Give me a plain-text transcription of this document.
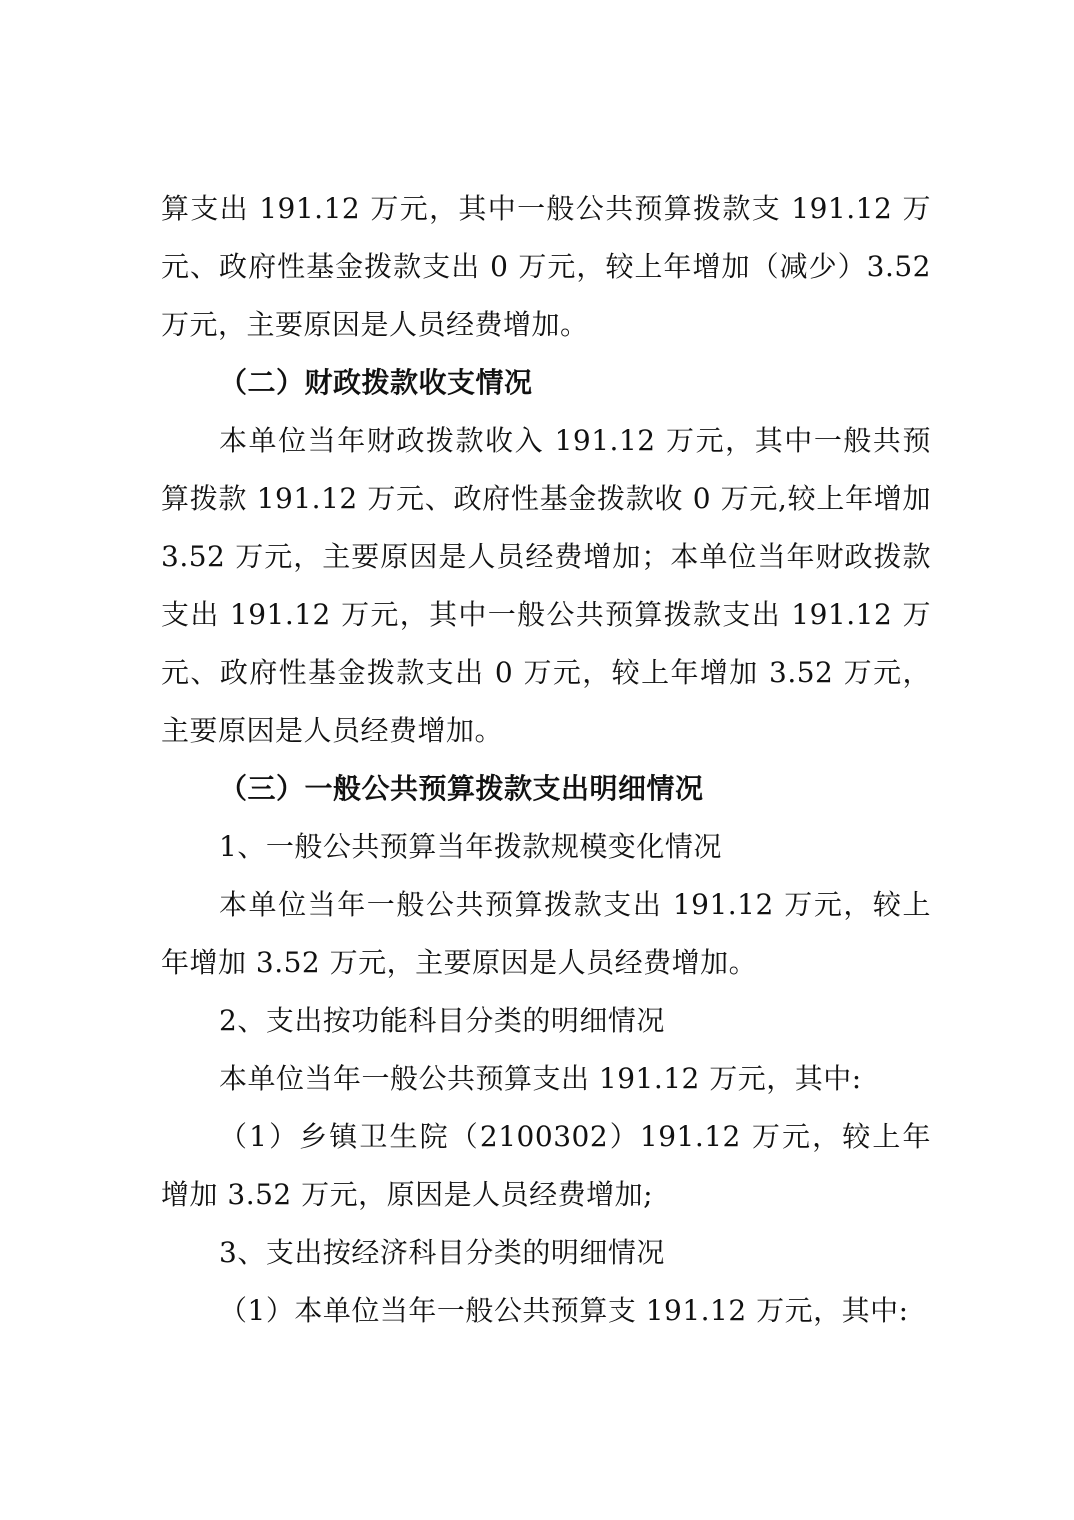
算支出 191.12 万元，其中一般公共预算拨款支 191.12 万元、政府性基金拨款支出 0 万元，较上年增加（减少）3.52 万元，主要原因是人员经费增加。

（二）财政拨款收支情况

本单位当年财政拨款收入 191.12 万元，其中一般共预算拨款 191.12 万元、政府性基金拨款收 0 万元,较上年增加 3.52 万元，主要原因是人员经费增加；本单位当年财政拨款支出 191.12 万元，其中一般公共预算拨款支出 191.12 万元、政府性基金拨款支出 0 万元，较上年增加 3.52 万元，主要原因是人员经费增加。

（三）一般公共预算拨款支出明细情况

1、一般公共预算当年拨款规模变化情况

本单位当年一般公共预算拨款支出 191.12 万元，较上年增加 3.52 万元，主要原因是人员经费增加。

2、支出按功能科目分类的明细情况

本单位当年一般公共预算支出 191.12 万元，其中:

（1）乡镇卫生院（2100302）191.12 万元，较上年增加 3.52 万元，原因是人员经费增加;

3、支出按经济科目分类的明细情况

（1）本单位当年一般公共预算支 191.12 万元，其中:
